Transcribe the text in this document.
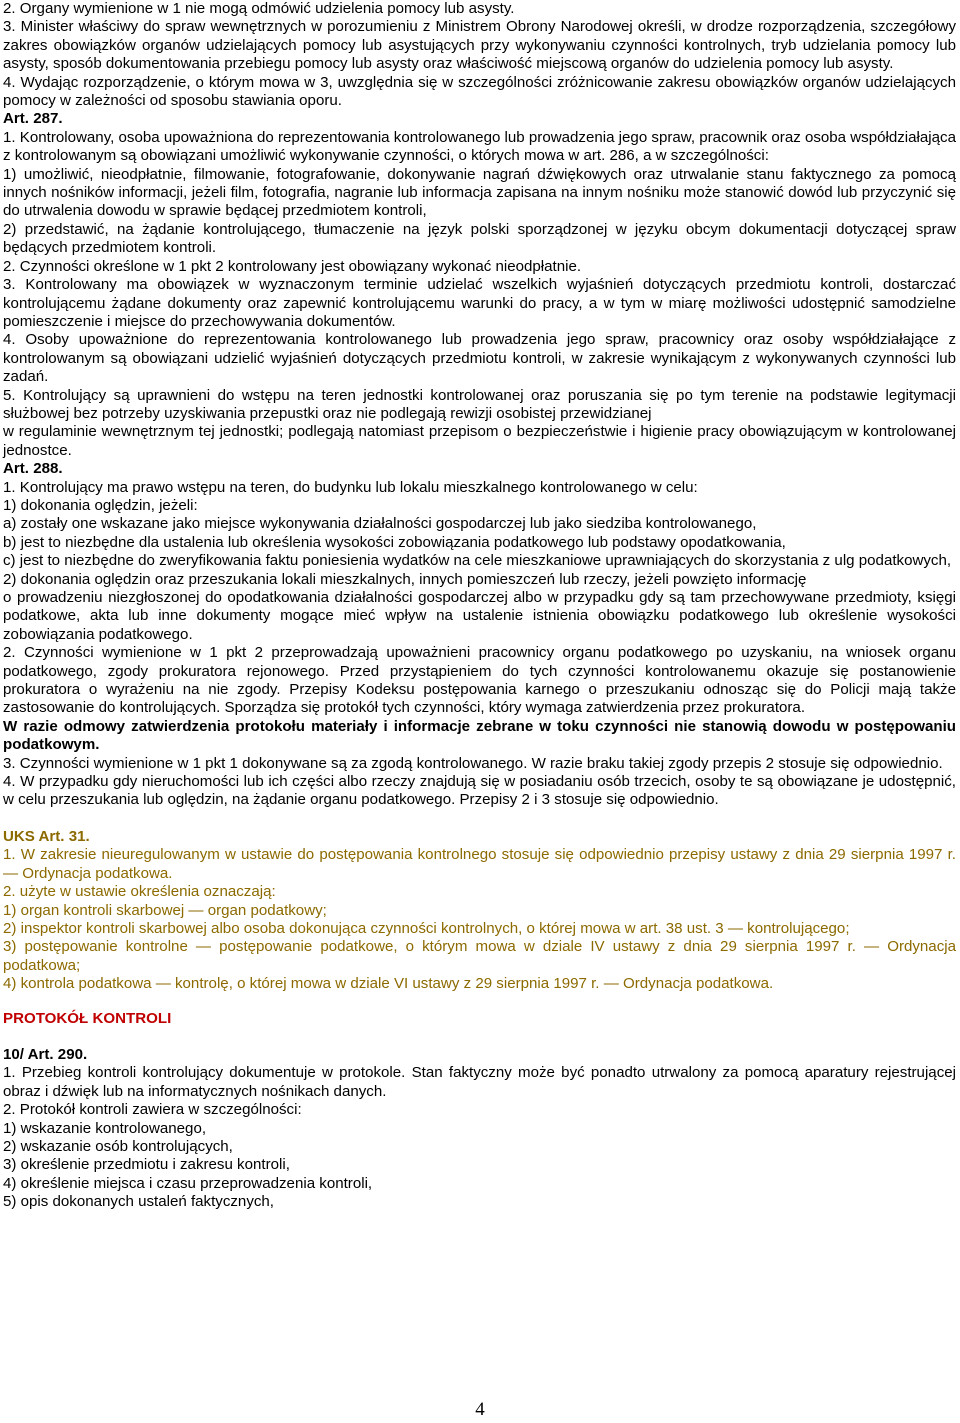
2. Organy wymienione w 1 nie mogą odmówić udzielenia pomocy lub asysty.

3. Minister właściwy do spraw wewnętrznych w porozumieniu z Ministrem Obrony Narodowej określi, w drodze rozporządzenia, szczegółowy zakres obowiązków organów udzielających pomocy lub asystujących przy wykonywaniu czynności kontrolnych, tryb udzielania pomocy lub asysty, sposób dokumentowania przebiegu pomocy lub asysty oraz właściwość miejscową organów do udzielenia pomocy lub asysty.

4. Wydając rozporządzenie, o którym mowa w 3, uwzględnia się w szczególności zróżnicowanie zakresu obowiązków organów udzielających pomocy w zależności od sposobu stawiania oporu.

Art. 287.

1. Kontrolowany, osoba upoważniona do reprezentowania kontrolowanego lub prowadzenia jego spraw, pracownik oraz osoba współdziałająca z kontrolowanym są obowiązani umożliwić wykonywanie czynności, o których mowa w art. 286, a w szczególności:

1) umożliwić, nieodpłatnie, filmowanie, fotografowanie, dokonywanie nagrań dźwiękowych oraz utrwalanie stanu faktycznego za pomocą innych nośników informacji, jeżeli film, fotografia, nagranie lub informacja zapisana na innym nośniku może stanowić dowód lub przyczynić się do utrwalenia dowodu w sprawie będącej przedmiotem kontroli,

2) przedstawić, na żądanie kontrolującego, tłumaczenie na język polski sporządzonej w języku obcym dokumentacji dotyczącej spraw będących przedmiotem kontroli.

2. Czynności określone w 1 pkt 2 kontrolowany jest obowiązany wykonać nieodpłatnie.

3. Kontrolowany ma obowiązek w wyznaczonym terminie udzielać wszelkich wyjaśnień dotyczących przedmiotu kontroli, dostarczać kontrolującemu żądane dokumenty oraz zapewnić kontrolującemu warunki do pracy, a w tym w miarę możliwości udostępnić samodzielne pomieszczenie i miejsce do przechowywania dokumentów.

4. Osoby upoważnione do reprezentowania kontrolowanego lub prowadzenia jego spraw, pracownicy oraz osoby współdziałające z kontrolowanym są obowiązani udzielić wyjaśnień dotyczących przedmiotu kontroli, w zakresie wynikającym z wykonywanych czynności lub zadań.

5. Kontrolujący są uprawnieni do wstępu na teren jednostki kontrolowanej oraz poruszania się po tym terenie na podstawie legitymacji służbowej bez potrzeby uzyskiwania przepustki oraz nie podlegają rewizji osobistej przewidzianej

w regulaminie wewnętrznym tej jednostki; podlegają natomiast przepisom o bezpieczeństwie i higienie pracy obowiązującym w kontrolowanej jednostce.

Art. 288.

1. Kontrolujący ma prawo wstępu na teren, do budynku lub lokalu mieszkalnego kontrolowanego w celu:

1) dokonania oględzin, jeżeli:

a) zostały one wskazane jako miejsce wykonywania działalności gospodarczej lub jako siedziba kontrolowanego,

b) jest to niezbędne dla ustalenia lub określenia wysokości zobowiązania podatkowego lub podstawy opodatkowania,

c) jest to niezbędne do zweryfikowania faktu poniesienia wydatków na cele mieszkaniowe uprawniających do skorzystania z ulg podatkowych,

2) dokonania oględzin oraz przeszukania lokali mieszkalnych, innych pomieszczeń lub rzeczy, jeżeli powzięto informację

o prowadzeniu niezgłoszonej do opodatkowania działalności gospodarczej albo w przypadku gdy są tam przechowywane przedmioty, księgi podatkowe, akta lub inne dokumenty mogące mieć wpływ na ustalenie istnienia obowiązku podatkowego lub określenie wysokości zobowiązania podatkowego.

2. Czynności wymienione w 1 pkt 2 przeprowadzają upoważnieni pracownicy organu podatkowego po uzyskaniu, na wniosek organu podatkowego, zgody prokuratora rejonowego. Przed przystąpieniem do tych czynności kontrolowanemu okazuje się postanowienie prokuratora o wyrażeniu na nie zgody. Przepisy Kodeksu postępowania karnego o przeszukaniu odnosząc się do Policji mają także zastosowanie do kontrolujących. Sporządza się protokół tych czynności, który wymaga zatwierdzenia przez prokuratora.

W razie odmowy zatwierdzenia protokołu materiały i informacje zebrane w toku czynności nie stanowią dowodu w postępowaniu podatkowym.

3. Czynności wymienione w 1 pkt 1 dokonywane są za zgodą kontrolowanego. W razie braku takiej zgody przepis 2 stosuje się odpowiednio.

4. W przypadku gdy nieruchomości lub ich części albo rzeczy znajdują się w posiadaniu osób trzecich, osoby te są obowiązane je udostępnić, w celu przeszukania lub oględzin, na żądanie organu podatkowego. Przepisy 2 i 3 stosuje się odpowiednio.

UKS Art. 31.

1. W zakresie nieuregulowanym w ustawie do postępowania kontrolnego stosuje się odpowiednio przepisy ustawy z dnia 29 sierpnia 1997 r. — Ordynacja podatkowa.

2. użyte w ustawie określenia oznaczają:

1) organ kontroli skarbowej — organ podatkowy;

2) inspektor kontroli skarbowej albo osoba dokonująca czynności kontrolnych, o której mowa w art. 38 ust. 3 — kontrolującego;

3) postępowanie kontrolne — postępowanie podatkowe, o którym mowa w dziale IV ustawy z dnia 29 sierpnia 1997 r. — Ordynacja podatkowa;

4) kontrola podatkowa — kontrolę, o której mowa w dziale VI ustawy z 29 sierpnia 1997 r. — Ordynacja podatkowa.

PROTOKÓŁ KONTROLI

10/ Art. 290.

1. Przebieg kontroli kontrolujący dokumentuje w protokole. Stan faktyczny może być ponadto utrwalony za pomocą aparatury rejestrującej obraz i dźwięk lub na informatycznych nośnikach danych.

2. Protokół kontroli zawiera w szczególności:

1) wskazanie kontrolowanego,

2) wskazanie osób kontrolujących,

3) określenie przedmiotu i zakresu kontroli,

4) określenie miejsca i czasu przeprowadzenia kontroli,

5) opis dokonanych ustaleń faktycznych,

4
